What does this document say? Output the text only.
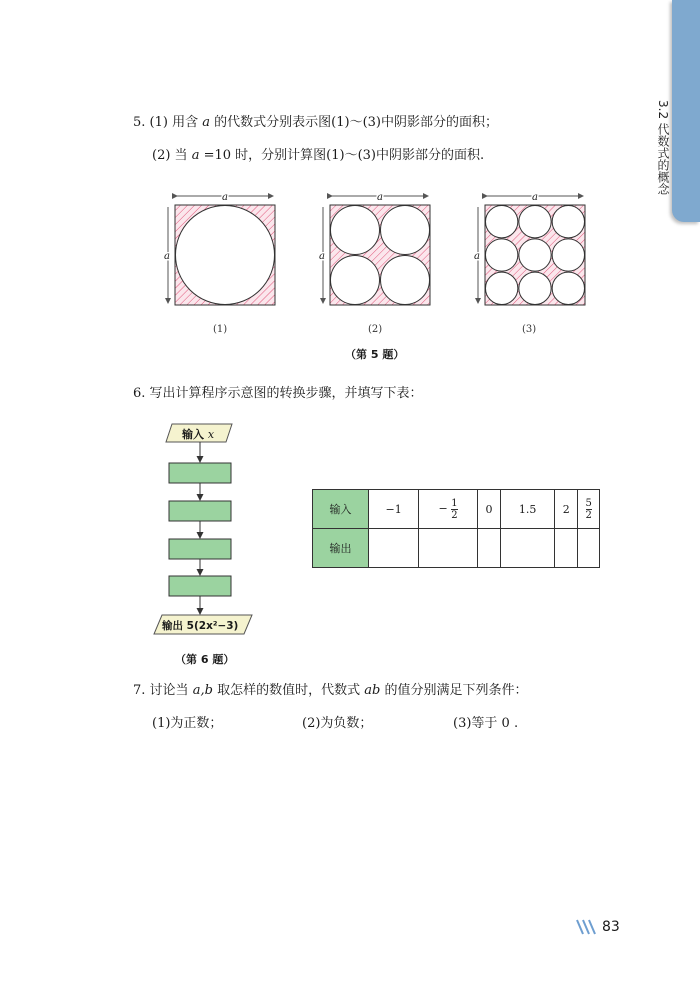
3.2 代数式的概念
5. (1) 用含 a 的代数式分别表示图(1)～(3)中阴影部分的面积；
(2) 当 a =10 时，分别计算图(1)～(3)中阴影部分的面积.
a
a
a
a
a
a
(1)	(2)	(3)
（第 5 题）
6. 写出计算程序示意图的转换步骤，并填写下表：
输入 x
输出 5(2x²−3)
（第 6 题）
输入	−1	− $\frac{1}{2}$	0	1.5	2	$\frac{5}{2}$

输出						
7. 讨论当 a,b 取怎样的数值时，代数式 ab 的值分别满足下列条件：
(1)为正数；	(2)为负数；	(3)等于 0 .
83
